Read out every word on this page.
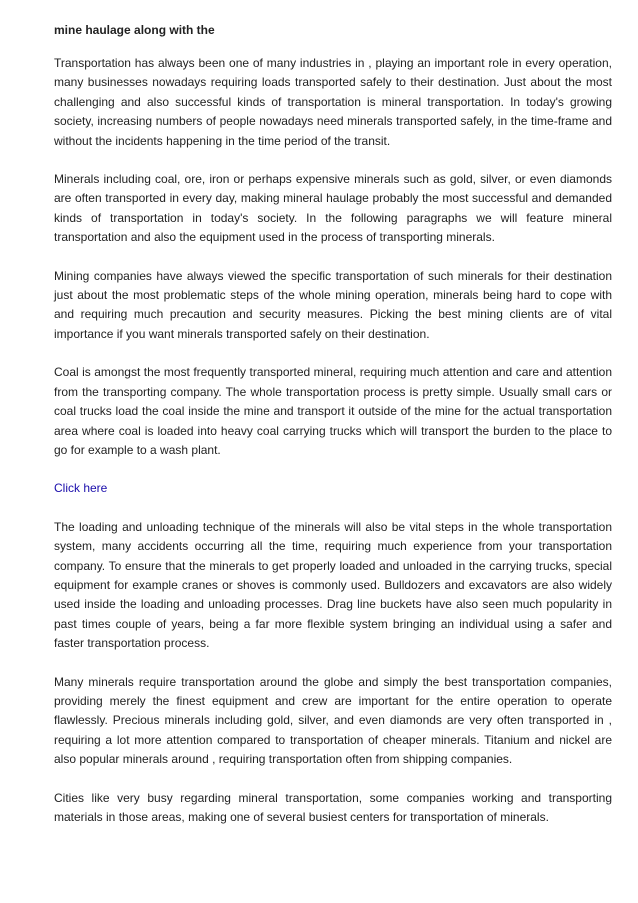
mine haulage along with the

Transportation has always been one of many industries in , playing an important role in every operation, many businesses nowadays requiring loads transported safely to their destination. Just about the most challenging and also successful kinds of transportation is mineral transportation. In today's growing society, increasing numbers of people nowadays need minerals transported safely, in the time-frame and without the incidents happening in the time period of the transit.

Minerals including coal, ore, iron or perhaps expensive minerals such as gold, silver, or even diamonds are often transported in every day, making mineral haulage probably the most successful and demanded kinds of transportation in today's society. In the following paragraphs we will feature mineral transportation and also the equipment used in the process of transporting minerals.

Mining companies have always viewed the specific transportation of such minerals for their destination just about the most problematic steps of the whole mining operation, minerals being hard to cope with and requiring much precaution and security measures. Picking the best mining clients are of vital importance if you want minerals transported safely on their destination.

Coal is amongst the most frequently transported mineral, requiring much attention and care and attention from the transporting company. The whole transportation process is pretty simple. Usually small cars or coal trucks load the coal inside the mine and transport it outside of the mine for the actual transportation area where coal is loaded into heavy coal carrying trucks which will transport the burden to the place to go for example to a wash plant.

Click here

The loading and unloading technique of the minerals will also be vital steps in the whole transportation system, many accidents occurring all the time, requiring much experience from your transportation company. To ensure that the minerals to get properly loaded and unloaded in the carrying trucks, special equipment for example cranes or shoves is commonly used. Bulldozers and excavators are also widely used inside the loading and unloading processes. Drag line buckets have also seen much popularity in past times couple of years, being a far more flexible system bringing an individual using a safer and faster transportation process.

Many minerals require transportation around the globe and simply the best transportation companies, providing merely the finest equipment and crew are important for the entire operation to operate flawlessly. Precious minerals including gold, silver, and even diamonds are very often transported in , requiring a lot more attention compared to transportation of cheaper minerals. Titanium and nickel are also popular minerals around , requiring transportation often from shipping companies.

Cities like very busy regarding mineral transportation, some companies working and transporting materials in those areas, making one of several busiest centers for transportation of minerals.
